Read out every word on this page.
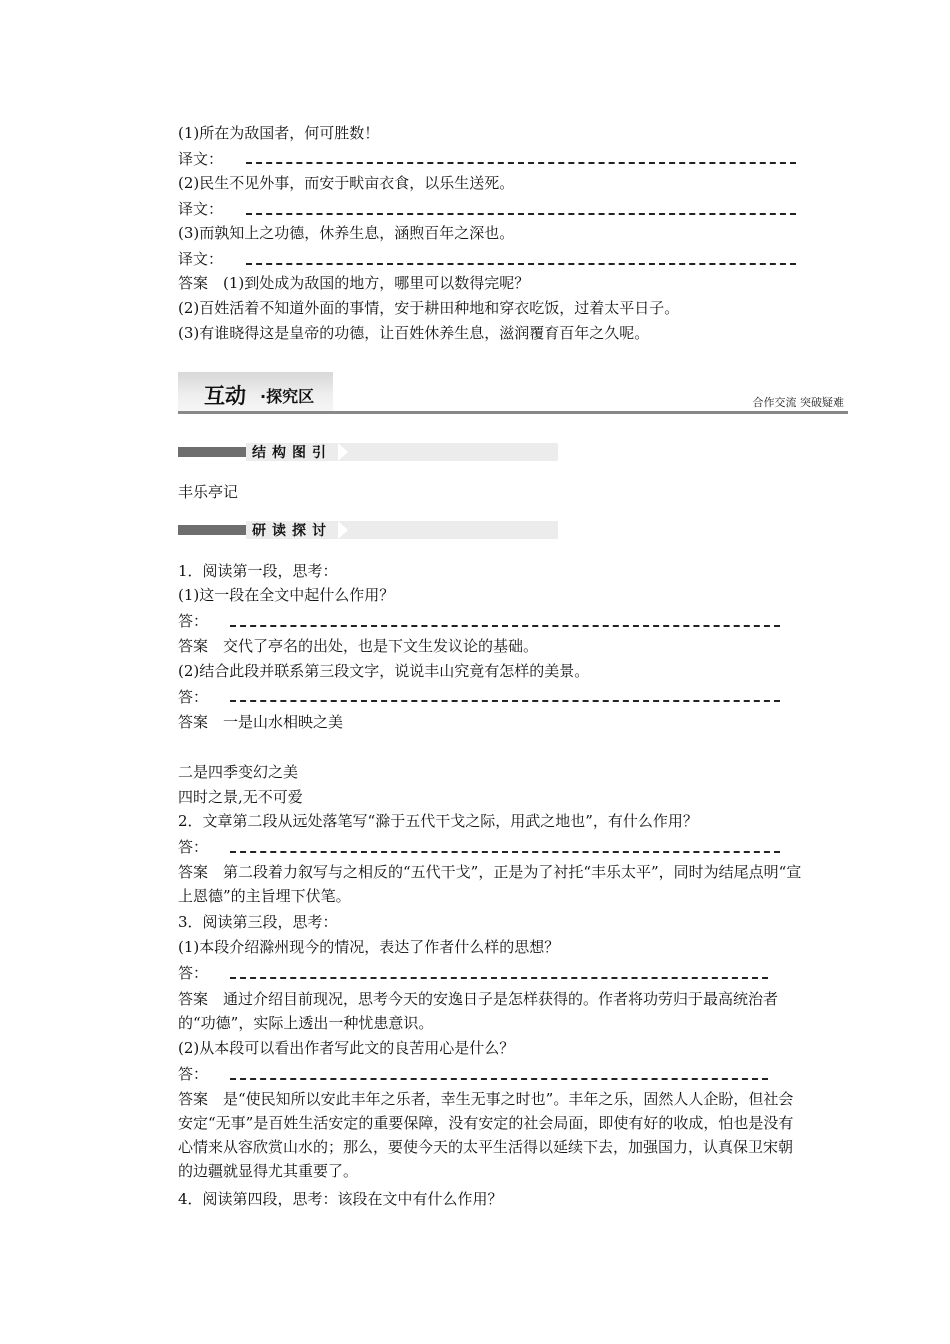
(1)所在为敌国者，何可胜数！
译文：
(2)民生不见外事，而安于畎亩衣食，以乐生送死。
译文：
(3)而孰知上之功德，休养生息，涵煦百年之深也。
译文：
答案　(1)到处成为敌国的地方，哪里可以数得完呢？
(2)百姓活着不知道外面的事情，安于耕田种地和穿衣吃饭，过着太平日子。
(3)有谁晓得这是皇帝的功德，让百姓休养生息，滋润覆育百年之久呢。
互动 ·探究区	合作交流 突破疑难
结构图引
丰乐亭记
研读探讨
1．阅读第一段，思考：
(1)这一段在全文中起什么作用？
答：
答案　交代了亭名的出处，也是下文生发议论的基础。
(2)结合此段并联系第三段文字，说说丰山究竟有怎样的美景。
答：
答案　一是山水相映之美
二是四季变幻之美
四时之景,无不可爱
2．文章第二段从远处落笔写“滁于五代干戈之际，用武之地也”，有什么作用？
答：
答案　第二段着力叙写与之相反的“五代干戈”，正是为了衬托“丰乐太平”，同时为结尾点明“宣上恩德”的主旨埋下伏笔。
3．阅读第三段，思考：
(1)本段介绍滁州现今的情况，表达了作者什么样的思想？
答：
答案　通过介绍目前现况，思考今天的安逸日子是怎样获得的。作者将功劳归于最高统治者的“功德”，实际上透出一种忧患意识。
(2)从本段可以看出作者写此文的良苦用心是什么？
答：
答案　是“使民知所以安此丰年之乐者，幸生无事之时也”。丰年之乐，固然人人企盼，但社会安定“无事”是百姓生活安定的重要保障，没有安定的社会局面，即使有好的收成，怕也是没有心情来从容欣赏山水的；那么，要使今天的太平生活得以延续下去，加强国力，认真保卫宋朝的边疆就显得尤其重要了。
4．阅读第四段，思考：该段在文中有什么作用？
